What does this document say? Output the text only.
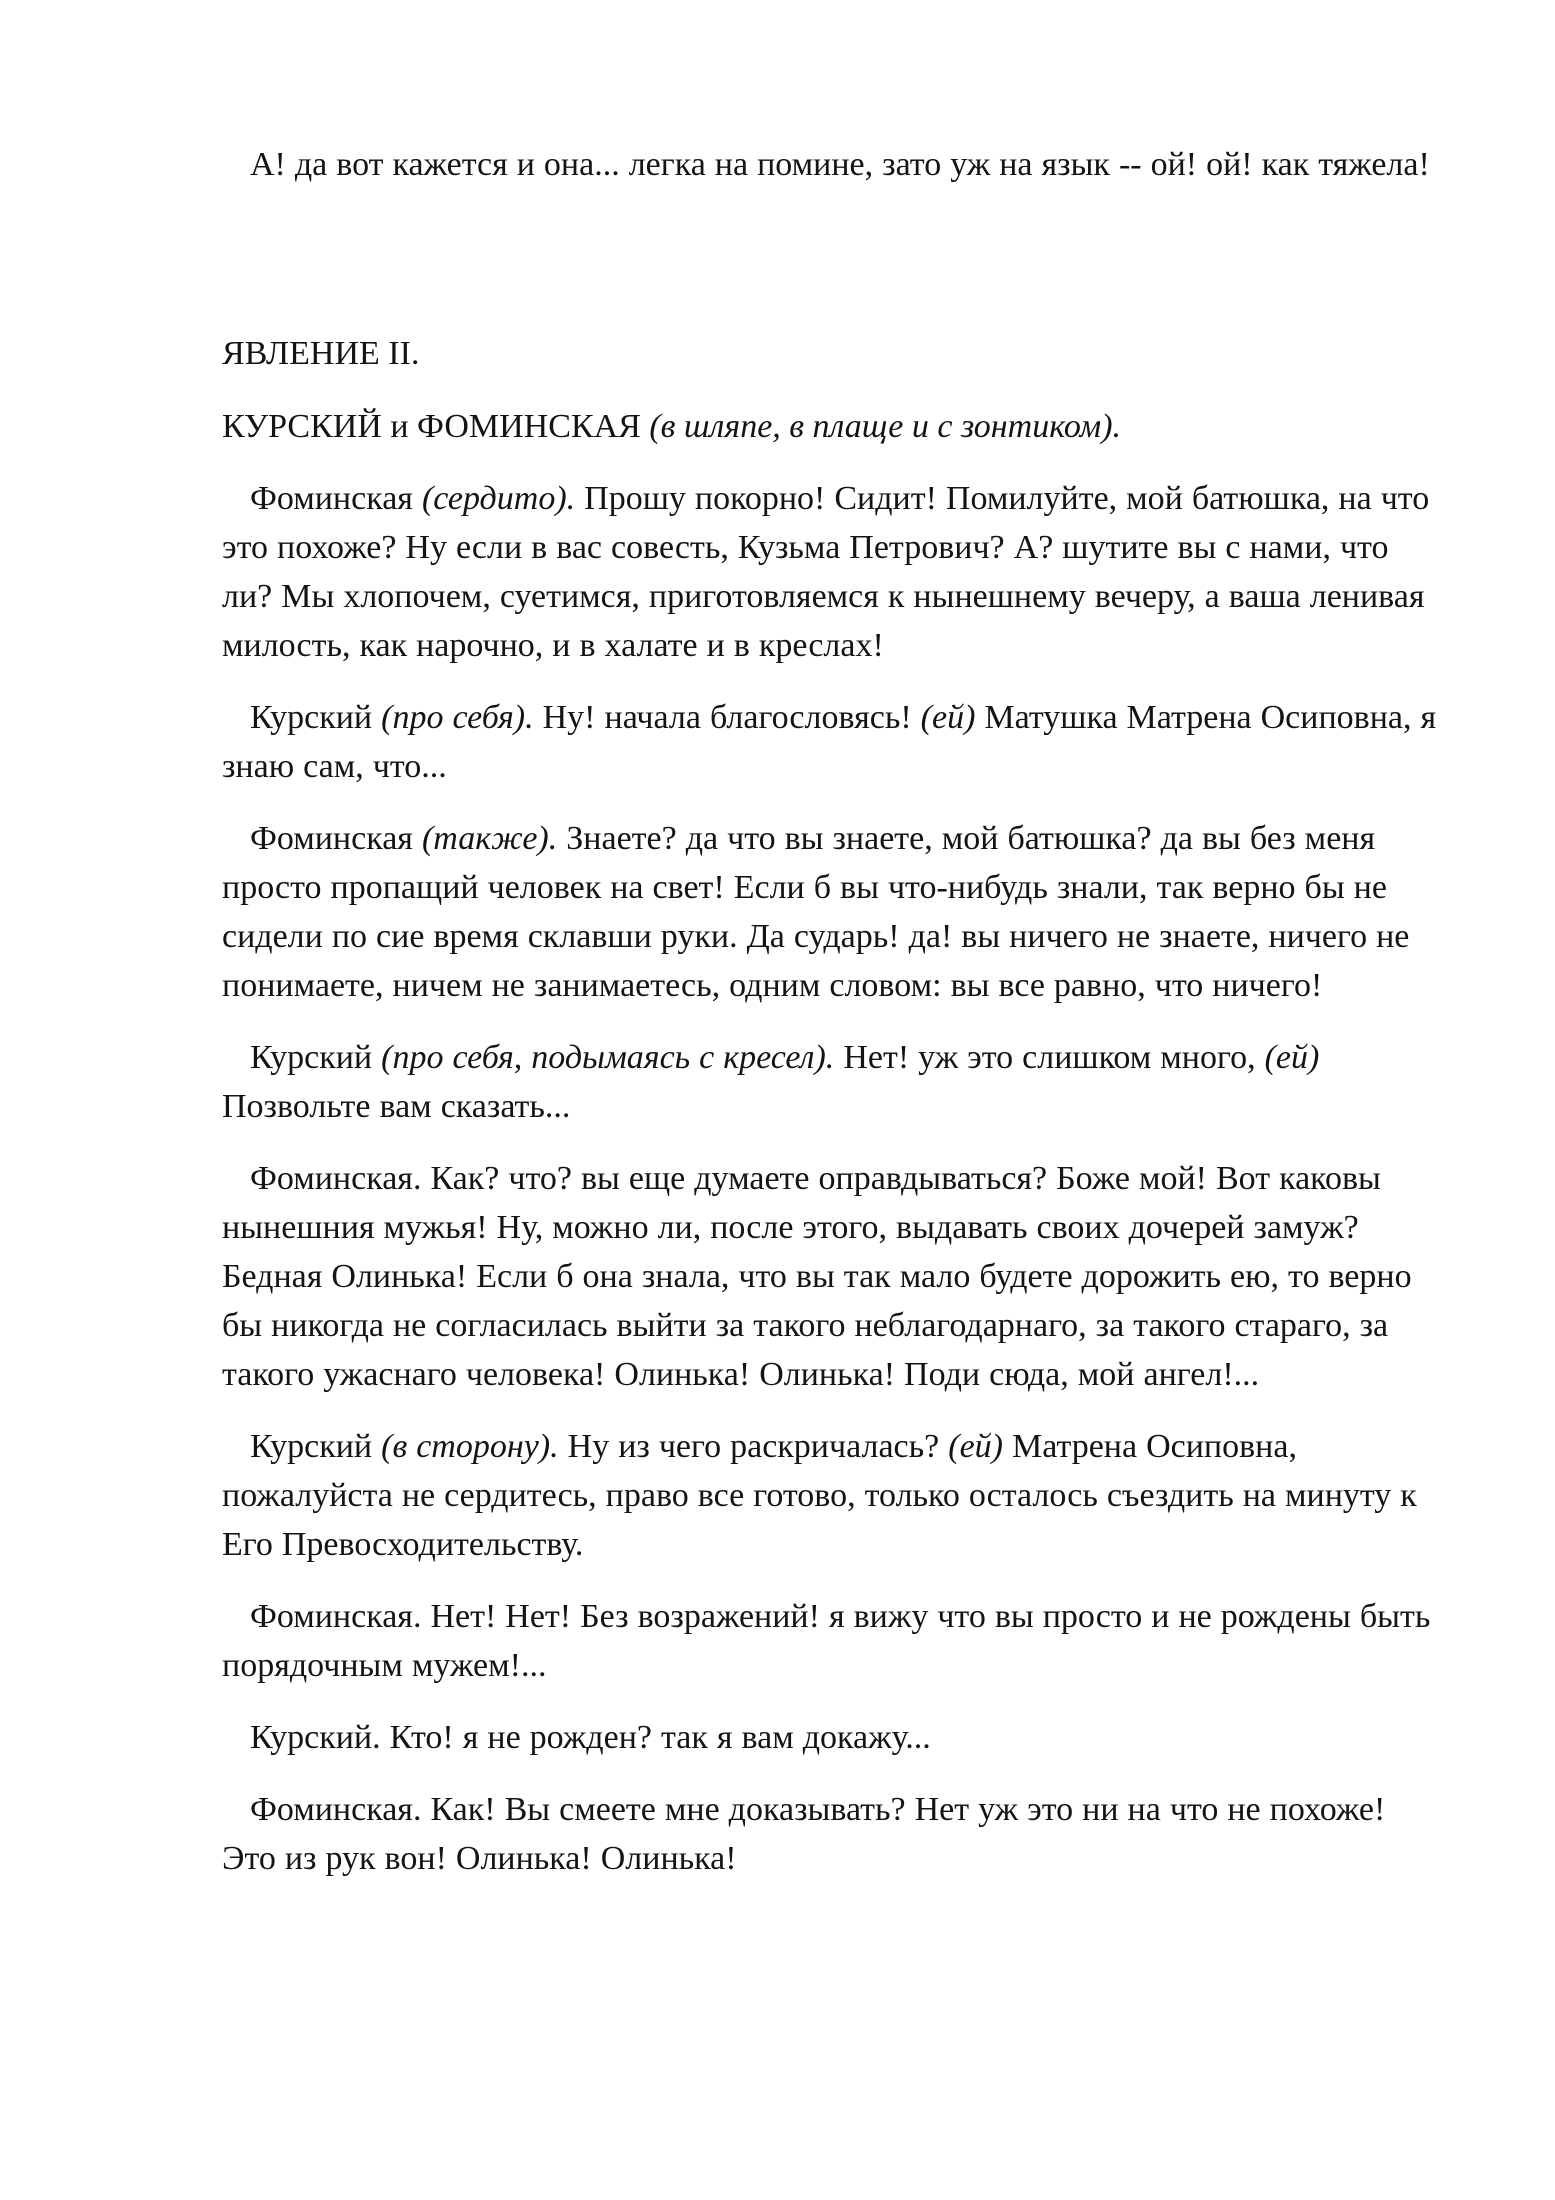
А! да вот кажется и она... легка на помине, зато уж на язык -- ой! ой! как тяжела!

ЯВЛЕНИЕ II.

КУРСКИЙ и ФОМИНСКАЯ (в шляпе, в плаще и с зонтиком).

Фоминская (сердито). Прошу покорно! Сидит! Помилуйте, мой батюшка, на что это похоже? Ну если в вас совесть, Кузьма Петрович? А? шутите вы с нами, что ли? Мы хлопочем, суетимся, приготовляемся к нынешнему вечеру, а ваша ленивая милость, как нарочно, и в халате и в креслах!

Курский (про себя). Ну! начала благословясь! (ей) Матушка Матрена Осиповна, я знаю сам, что...

Фоминская (также). Знаете? да что вы знаете, мой батюшка? да вы без меня просто пропащий человек на свет! Если б вы что-нибудь знали, так верно бы не сидели по сие время склавши руки. Да сударь! да! вы ничего не знаете, ничего не понимаете, ничем не занимаетесь, одним словом: вы все равно, что ничего!

Курский (про себя, подымаясь с кресел). Нет! уж это слишком много, (ей) Позвольте вам сказать...

Фоминская. Как? что? вы еще думаете оправдываться? Боже мой! Вот каковы нынешния мужья! Ну, можно ли, после этого, выдавать своих дочерей замуж? Бедная Олинька! Если б она знала, что вы так мало будете дорожить ею, то верно бы никогда не согласилась выйти за такого неблагодарнаго, за такого стараго, за такого ужаснаго человека! Олинька! Олинька! Поди сюда, мой ангел!...

Курский (в сторону). Ну из чего раскричалась? (ей) Матрена Осиповна, пожалуйста не сердитесь, право все готово, только осталось съездить на минуту к Его Превосходительству.

Фоминская. Нет! Нет! Без возражений! я вижу что вы просто и не рождены быть порядочным мужем!...

Курский. Кто! я не рожден? так я вам докажу...

Фоминская. Как! Вы смеете мне доказывать? Нет уж это ни на что не похоже! Это из рук вон! Олинька! Олинька!
